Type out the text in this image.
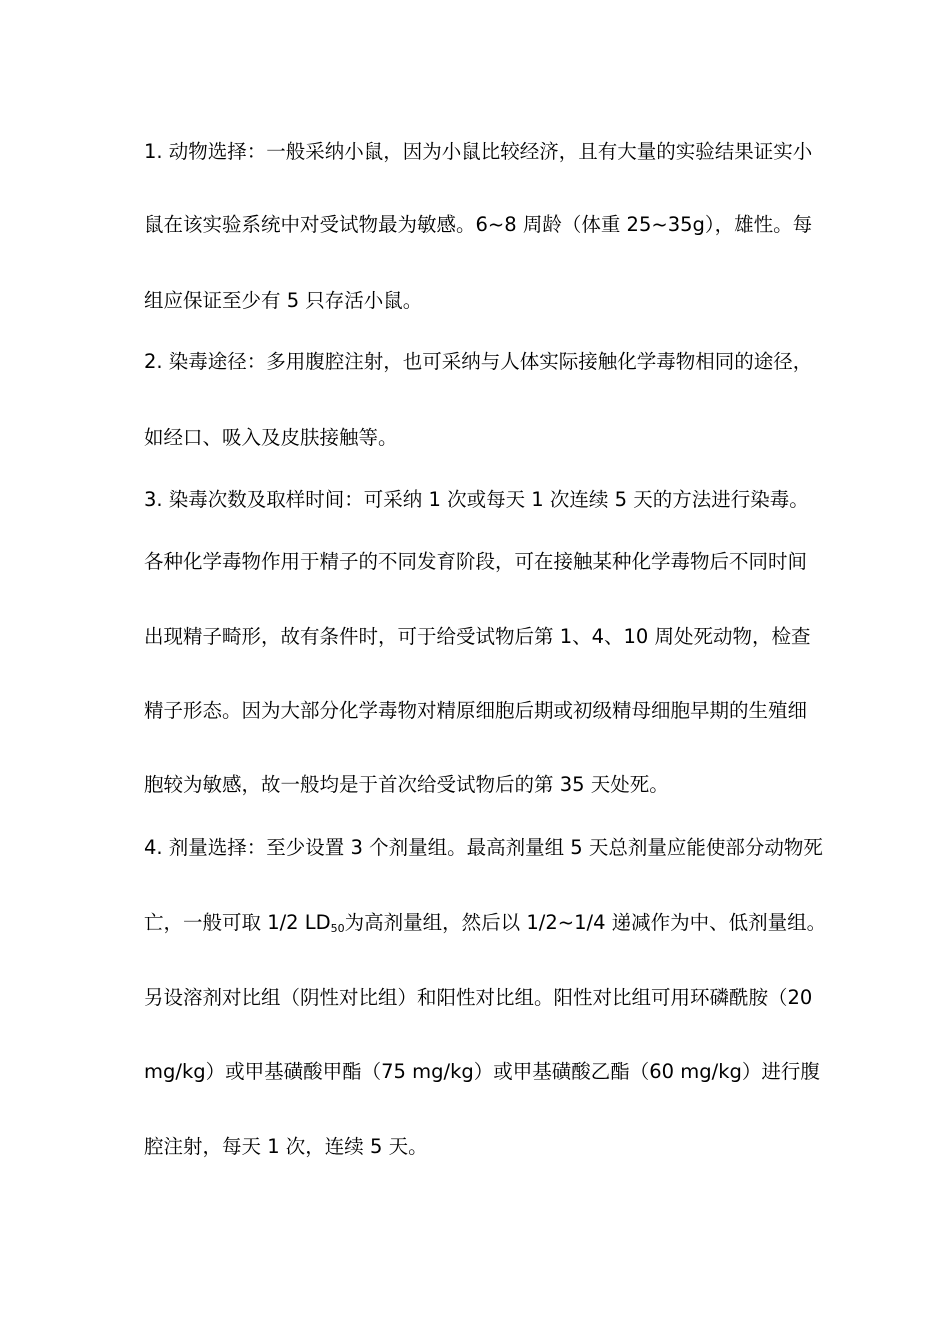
1. 动物选择：一般采纳小鼠，因为小鼠比较经济，且有大量的实验结果证实小
鼠在该实验系统中对受试物最为敏感。6~8 周龄（体重 25~35g），雄性。每
组应保证至少有 5 只存活小鼠。
2. 染毒途径：多用腹腔注射，也可采纳与人体实际接触化学毒物相同的途径，
如经口、吸入及皮肤接触等。
3. 染毒次数及取样时间：可采纳 1 次或每天 1 次连续 5 天的方法进行染毒。
各种化学毒物作用于精子的不同发育阶段，可在接触某种化学毒物后不同时间
出现精子畸形，故有条件时，可于给受试物后第 1、4、10 周处死动物，检查
精子形态。因为大部分化学毒物对精原细胞后期或初级精母细胞早期的生殖细
胞较为敏感，故一般均是于首次给受试物后的第 35 天处死。
4. 剂量选择：至少设置 3 个剂量组。最高剂量组 5 天总剂量应能使部分动物死
亡，一般可取 1/2 $LD_{50}$为高剂量组，然后以 1/2~1/4 递减作为中、低剂量组。
另设溶剂对比组（阴性对比组）和阳性对比组。阳性对比组可用环磷酰胺（20
mg/kg）或甲基磺酸甲酯（75 mg/kg）或甲基磺酸乙酯（60 mg/kg）进行腹
腔注射，每天 1 次，连续 5 天。
